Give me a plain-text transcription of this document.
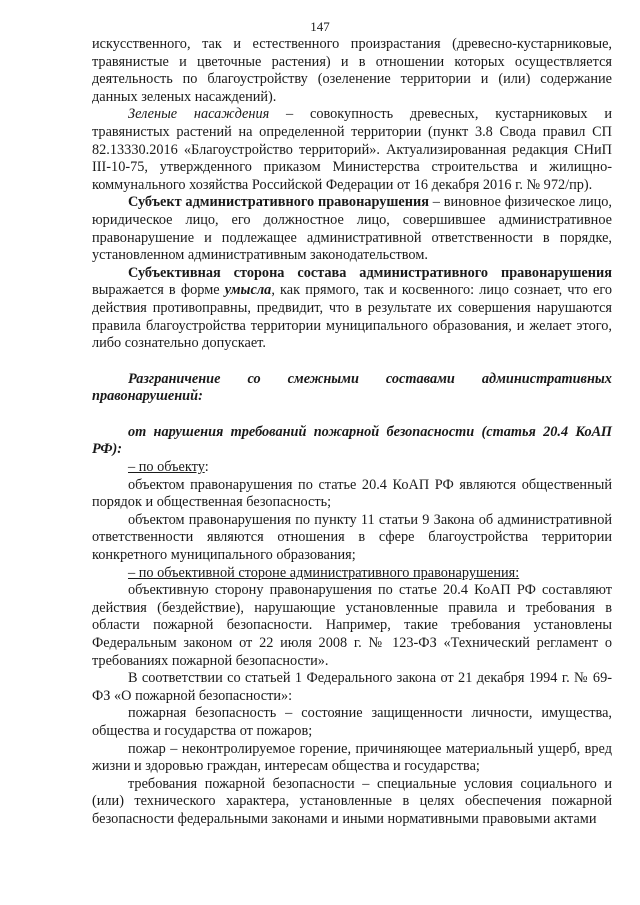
147

искусственного, так и естественного произрастания (древесно-кустарниковые, травянистые и цветочные растения) и в отношении которых осуществляется деятельность по благоустройству (озеленение территории и (или) содержание данных зеленых насаждений).

Зеленые насаждения – совокупность древесных, кустарниковых и травянистых растений на определенной территории (пункт 3.8 Свода правил СП 82.13330.2016 «Благоустройство территорий». Актуализированная редакция СНиП III-10-75, утвержденного приказом Министерства строительства и жилищно-коммунального хозяйства Российской Федерации от 16 декабря 2016 г. № 972/пр).

Субъект административного правонарушения – виновное физическое лицо, юридическое лицо, его должностное лицо, совершившее административное правонарушение и подлежащее административной ответственности в порядке, установленном административным законодательством.

Субъективная сторона состава административного правонарушения выражается в форме умысла, как прямого, так и косвенного: лицо сознает, что его действия противоправны, предвидит, что в результате их совершения нарушаются правила благоустройства территории муниципального образования, и желает этого, либо сознательно допускает.

Разграничение со смежными составами административных
правонарушений:

от нарушения требований пожарной безопасности (статья 20.4 КоАП РФ):

– по объекту:

объектом правонарушения по статье 20.4 КоАП РФ являются общественный порядок и общественная безопасность;

объектом правонарушения по пункту 11 статьи 9 Закона об административной ответственности являются отношения в сфере благоустройства территории конкретного муниципального образования;

– по объективной стороне административного правонарушения:

объективную сторону правонарушения по статье 20.4 КоАП РФ составляют действия (бездействие), нарушающие установленные правила и требования в области пожарной безопасности. Например, такие требования установлены Федеральным законом от 22 июля 2008 г. № 123-ФЗ «Технический регламент о требованиях пожарной безопасности».

В соответствии со статьей 1 Федерального закона от 21 декабря 1994 г. № 69-ФЗ «О пожарной безопасности»:

пожарная безопасность – состояние защищенности личности, имущества, общества и государства от пожаров;

пожар – неконтролируемое горение, причиняющее материальный ущерб, вред жизни и здоровью граждан, интересам общества и государства;

требования пожарной безопасности – специальные условия социального и (или) технического характера, установленные в целях обеспечения пожарной безопасности федеральными законами и иными нормативными правовыми актами
